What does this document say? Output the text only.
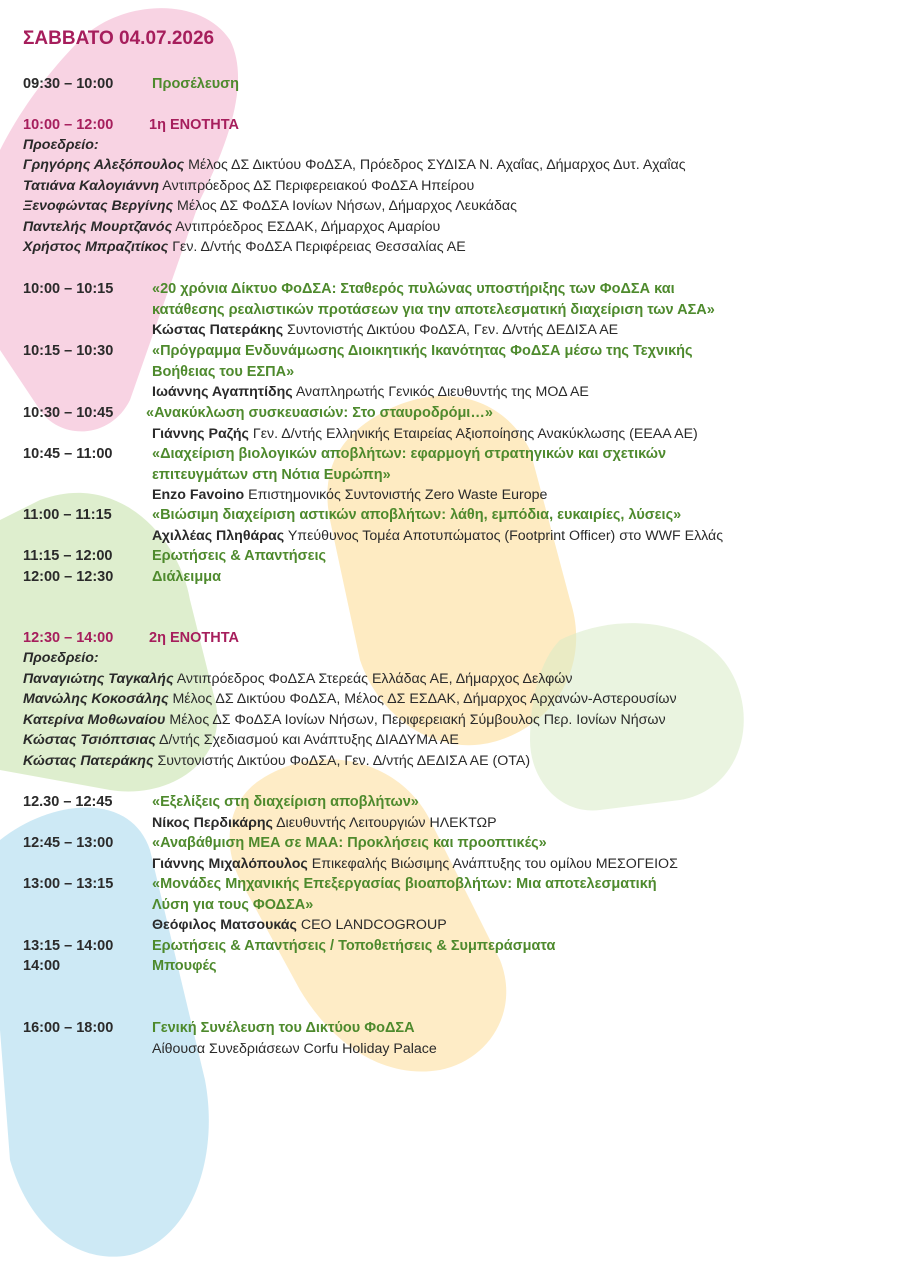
ΣΑΒΒΑΤΟ 04.07.2026
09:30 – 10:00	Προσέλευση
10:00 – 12:00	1η ΕΝΟΤΗΤΑ
Προεδρείο:
Γρηγόρης Αλεξόπουλος Μέλος ΔΣ Δικτύου ΦοΔΣΑ, Πρόεδρος ΣΥΔΙΣΑ Ν. Αχαΐας, Δήμαρχος Δυτ. Αχαΐας
Τατιάνα Καλογιάννη Αντιπρόεδρος ΔΣ Περιφερειακού ΦοΔΣΑ Ηπείρου
Ξενοφώντας Βεργίνης Μέλος ΔΣ ΦοΔΣΑ Ιονίων Νήσων, Δήμαρχος Λευκάδας
Παντελής Μουρτζανός Αντιπρόεδρος ΕΣΔΑΚ, Δήμαρχος Αμαρίου
Χρήστος Μπραζιτίκος Γεν. Δ/ντής ΦοΔΣΑ Περιφέρειας Θεσσαλίας ΑΕ
10:00 – 10:15	«20 χρόνια Δίκτυο ΦοΔΣΑ: Σταθερός πυλώνας υποστήριξης των ΦοΔΣΑ και
κατάθεσης ρεαλιστικών προτάσεων για την αποτελεσματική διαχείριση των ΑΣΑ»
Κώστας Πατεράκης Συντονιστής Δικτύου ΦοΔΣΑ, Γεν. Δ/ντής ΔΕΔΙΣΑ ΑΕ
10:15 – 10:30	«Πρόγραμμα Ενδυνάμωσης Διοικητικής Ικανότητας ΦοΔΣΑ μέσω της Τεχνικής
Βοήθειας του ΕΣΠΑ»
Ιωάννης Αγαπητίδης Αναπληρωτής Γενικός Διευθυντής της ΜΟΔ ΑΕ
10:30 – 10:45	«Ανακύκλωση συσκευασιών: Στο σταυροδρόμι…»
Γιάννης Ραζής Γεν. Δ/ντής Ελληνικής Εταιρείας Αξιοποίησης Ανακύκλωσης (ΕΕΑΑ ΑΕ)
10:45 – 11:00	«Διαχείριση βιολογικών αποβλήτων: εφαρμογή στρατηγικών και σχετικών
επιτευγμάτων στη Νότια Ευρώπη»
Enzo Favoino Επιστημονικός Συντονιστής Zero Waste Europe
11:00 – 11:15	«Βιώσιμη διαχείριση αστικών αποβλήτων: λάθη, εμπόδια, ευκαιρίες, λύσεις»
Αχιλλέας Πληθάρας Υπεύθυνος Τομέα Αποτυπώματος (Footprint Officer) στο WWF Ελλάς
11:15 – 12:00	Ερωτήσεις & Απαντήσεις
12:00 – 12:30	Διάλειμμα
12:30 – 14:00	2η ΕΝΟΤΗΤΑ
Προεδρείο:
Παναγιώτης Ταγκαλής Αντιπρόεδρος ΦοΔΣΑ Στερεάς Ελλάδας ΑΕ, Δήμαρχος Δελφών
Μανώλης Κοκοσάλης Μέλος ΔΣ Δικτύου ΦοΔΣΑ, Μέλος ΔΣ ΕΣΔΑΚ, Δήμαρχος Αρχανών-Αστερουσίων
Κατερίνα Μοθωναίου Μέλος ΔΣ ΦοΔΣΑ Ιονίων Νήσων, Περιφερειακή Σύμβουλος Περ. Ιονίων Νήσων
Κώστας Τσιόπτσιας Δ/ντής Σχεδιασμού και Ανάπτυξης ΔΙΑΔΥΜΑ ΑΕ
Κώστας Πατεράκης Συντονιστής Δικτύου ΦοΔΣΑ, Γεν. Δ/ντής ΔΕΔΙΣΑ ΑΕ (ΟΤΑ)
12.30 – 12:45	«Εξελίξεις στη διαχείριση αποβλήτων»
Νίκος Περδικάρης Διευθυντής Λειτουργιών ΗΛΕΚΤΩΡ
12:45 – 13:00	«Αναβάθμιση ΜΕΑ σε ΜΑΑ: Προκλήσεις και προοπτικές»
Γιάννης Μιχαλόπουλος Επικεφαλής Βιώσιμης Ανάπτυξης του ομίλου ΜΕΣΟΓΕΙΟΣ
13:00 – 13:15	«Μονάδες Μηχανικής Επεξεργασίας βιοαποβλήτων: Μια αποτελεσματική
Λύση για τους ΦΟΔΣΑ»
Θεόφιλος Ματσουκάς CEO LANDCOGROUP
13:15 – 14:00	Ερωτήσεις & Απαντήσεις / Τοποθετήσεις & Συμπεράσματα
14:00	Μπουφές
16:00 – 18:00	Γενική Συνέλευση του Δικτύου ΦοΔΣΑ
Αίθουσα Συνεδριάσεων Corfu Holiday Palace
